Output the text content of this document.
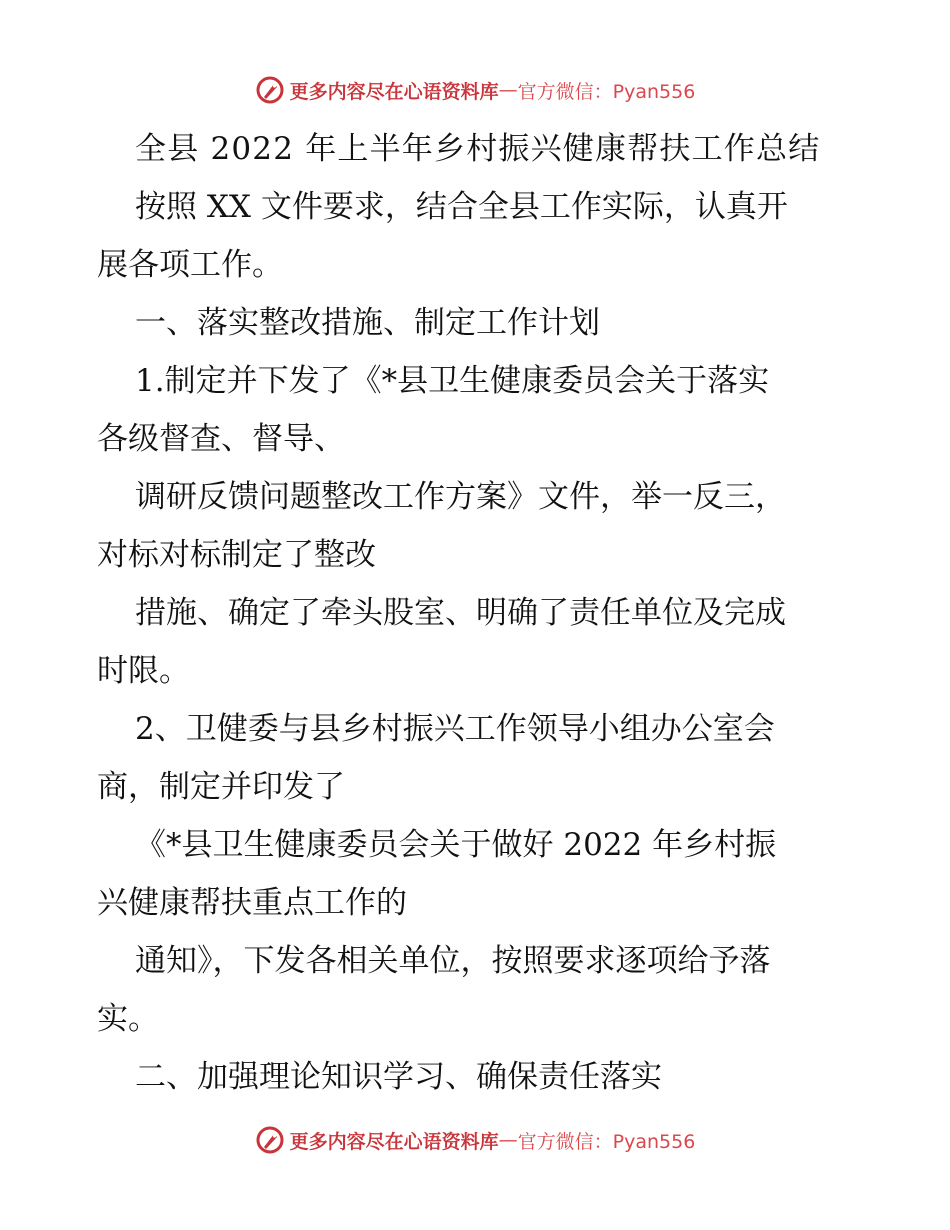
更多内容尽在心语资料库 — 官方微信：Pyan556
全县 2022 年上半年乡村振兴健康帮扶工作总结
按照 XX 文件要求，结合全县工作实际，认真开
展各项工作。
一、落实整改措施、制定工作计划
1.制定并下发了《*县卫生健康委员会关于落实
各级督查、督导、
调研反馈问题整改工作方案》文件，举一反三，
对标对标制定了整改
措施、确定了牵头股室、明确了责任单位及完成
时限。
2、卫健委与县乡村振兴工作领导小组办公室会
商，制定并印发了
《*县卫生健康委员会关于做好 2022 年乡村振
兴健康帮扶重点工作的
通知》，下发各相关单位，按照要求逐项给予落
实。
二、加强理论知识学习、确保责任落实
更多内容尽在心语资料库 — 官方微信：Pyan556
